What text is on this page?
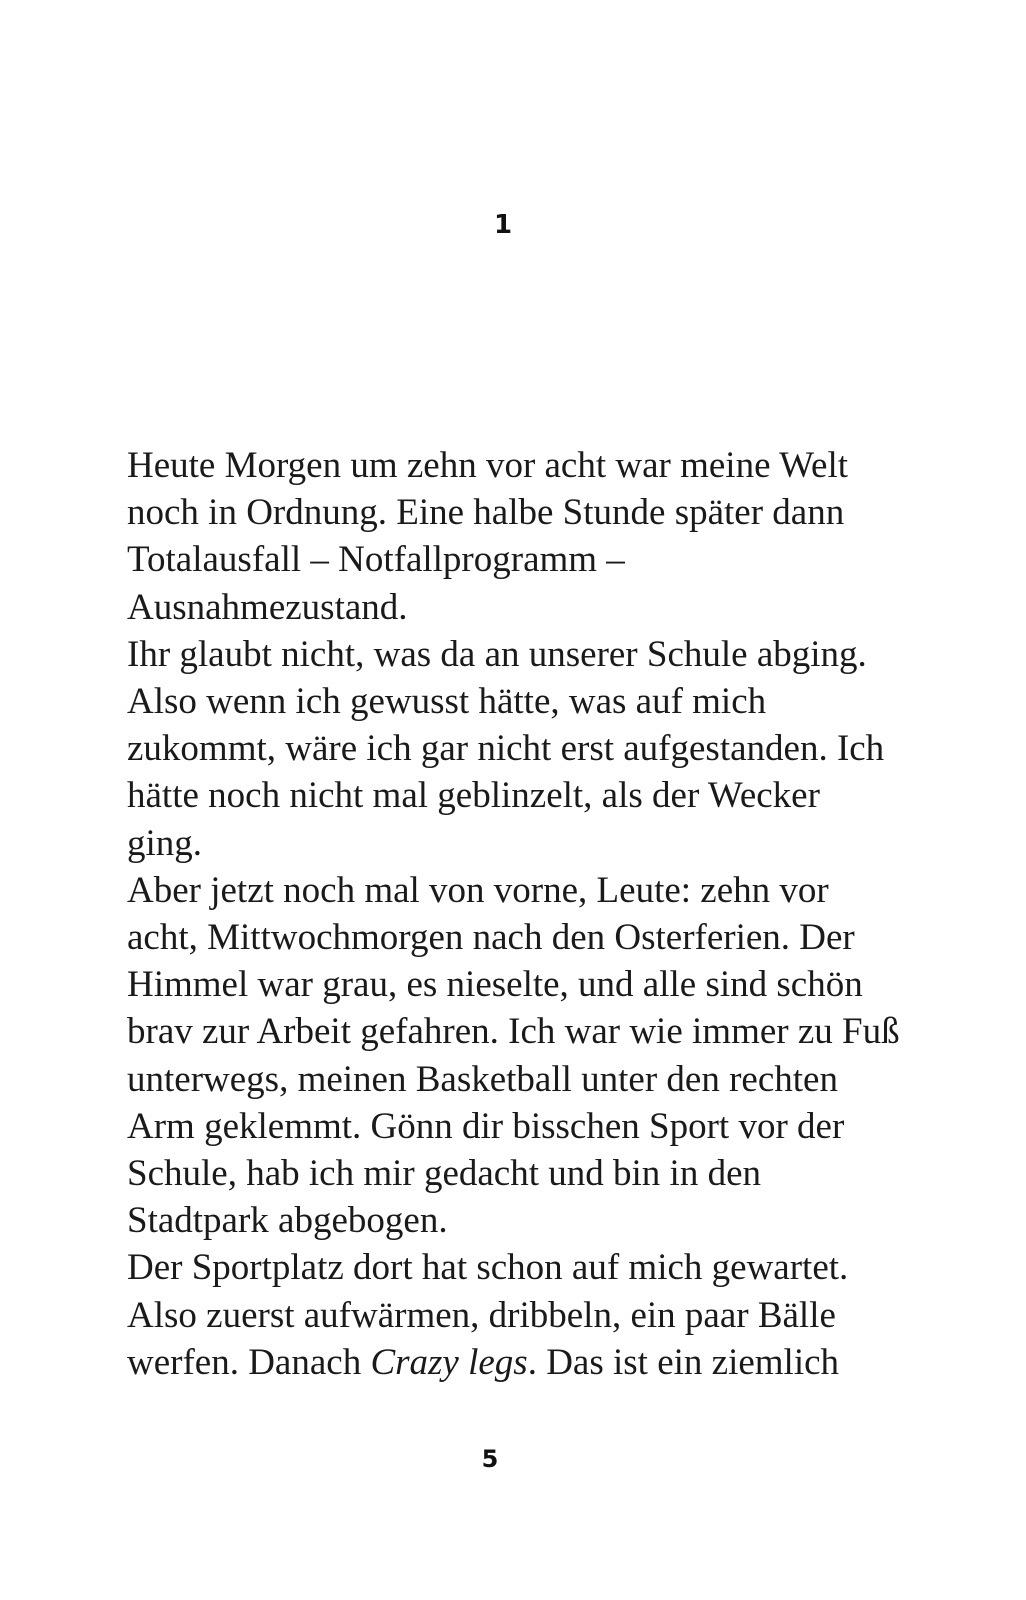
1
Heute Morgen um zehn vor acht war meine Welt
noch in Ordnung. Eine halbe Stunde später dann
Totalausfall – Notfallprogramm –
Ausnahmezustand.
Ihr glaubt nicht, was da an unserer Schule abging.
Also wenn ich gewusst hätte, was auf mich
zukommt, wäre ich gar nicht erst aufgestanden. Ich
hätte noch nicht mal geblinzelt, als der Wecker
ging.
Aber jetzt noch mal von vorne, Leute: zehn vor
acht, Mittwochmorgen nach den Osterferien. Der
Himmel war grau, es nieselte, und alle sind schön
brav zur Arbeit gefahren. Ich war wie immer zu Fuß
unterwegs, meinen Basketball unter den rechten
Arm geklemmt. Gönn dir bisschen Sport vor der
Schule, hab ich mir gedacht und bin in den
Stadtpark abgebogen.
Der Sportplatz dort hat schon auf mich gewartet.
Also zuerst aufwärmen, dribbeln, ein paar Bälle
werfen. Danach Crazy legs. Das ist ein ziemlich
5
